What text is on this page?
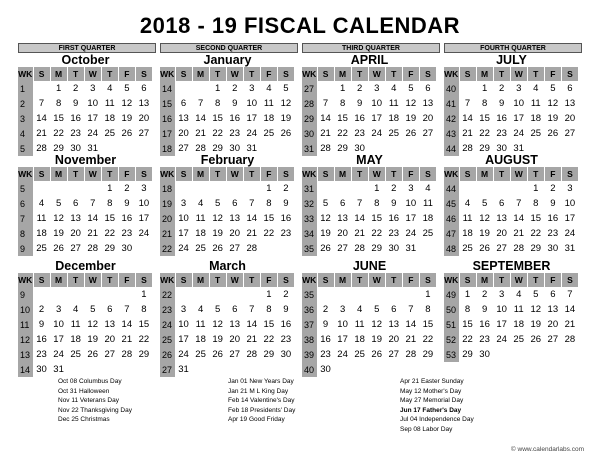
2018 - 19 FISCAL CALENDAR
FIRST QUARTER	SECOND QUARTER	THIRD QUARTER	FOURTH QUARTER
October
WK	S	M	T	W	T	F	S
1		1	2	3	4	5	6
2	7	8	9	10	11	12	13
3	14	15	16	17	18	19	20
4	21	22	23	24	25	26	27
5	28	29	30	31			
January
WK	S	M	T	W	T	F	S
14			1	2	3	4	5
15	6	7	8	9	10	11	12
16	13	14	15	16	17	18	19
17	20	21	22	23	24	25	26
18	27	28	29	30	31		
APRIL
WK	S	M	T	W	T	F	S
27		1	2	3	4	5	6
28	7	8	9	10	11	12	13
29	14	15	16	17	18	19	20
30	21	22	23	24	25	26	27
31	28	29	30				
JULY
WK	S	M	T	W	T	F	S
40		1	2	3	4	5	6
41	7	8	9	10	11	12	13
42	14	15	16	17	18	19	20
43	21	22	23	24	25	26	27
44	28	29	30	31			
November
WK	S	M	T	W	T	F	S
5					1	2	3
6	4	5	6	7	8	9	10
7	11	12	13	14	15	16	17
8	18	19	20	21	22	23	24
9	25	26	27	28	29	30	
February
WK	S	M	T	W	T	F	S
18						1	2
19	3	4	5	6	7	8	9
20	10	11	12	13	14	15	16
21	17	18	19	20	21	22	23
22	24	25	26	27	28		
MAY
WK	S	M	T	W	T	F	S
31				1	2	3	4
32	5	6	7	8	9	10	11
33	12	13	14	15	16	17	18
34	19	20	21	22	23	24	25
35	26	27	28	29	30	31	
AUGUST
WK	S	M	T	W	T	F	S
44					1	2	3
45	4	5	6	7	8	9	10
46	11	12	13	14	15	16	17
47	18	19	20	21	22	23	24
48	25	26	27	28	29	30	31
December
WK	S	M	T	W	T	F	S
9							1
10	2	3	4	5	6	7	8
11	9	10	11	12	13	14	15
12	16	17	18	19	20	21	22
13	23	24	25	26	27	28	29
14	30	31					
March
WK	S	M	T	W	T	F	S
22						1	2
23	3	4	5	6	7	8	9
24	10	11	12	13	14	15	16
25	17	18	19	20	21	22	23
26	24	25	26	27	28	29	30
27	31						
JUNE
WK	S	M	T	W	T	F	S
35							1
36	2	3	4	5	6	7	8
37	9	10	11	12	13	14	15
38	16	17	18	19	20	21	22
39	23	24	25	26	27	28	29
40	30						
SEPTEMBER
WK	S	M	T	W	T	F	S
49	1	2	3	4	5	6	7
50	8	9	10	11	12	13	14
51	15	16	17	18	19	20	21
52	22	23	24	25	26	27	28
53	29	30					
Oct 08 Columbus Day
Oct 31 Halloween
Nov 11 Veterans Day
Nov 22 Thanksgiving Day
Dec 25 Christmas
Jan 01 New Years Day
Jan 21 M L King Day
Feb 14 Valentine's Day
Feb 18 Presidents' Day
Apr 19 Good Friday
Apr 21 Easter Sunday
May 12 Mother's Day
May 27 Memorial Day
Jun 17 Father's Day
Jul 04 Independence Day
Sep 08 Labor Day
© www.calendarlabs.com
